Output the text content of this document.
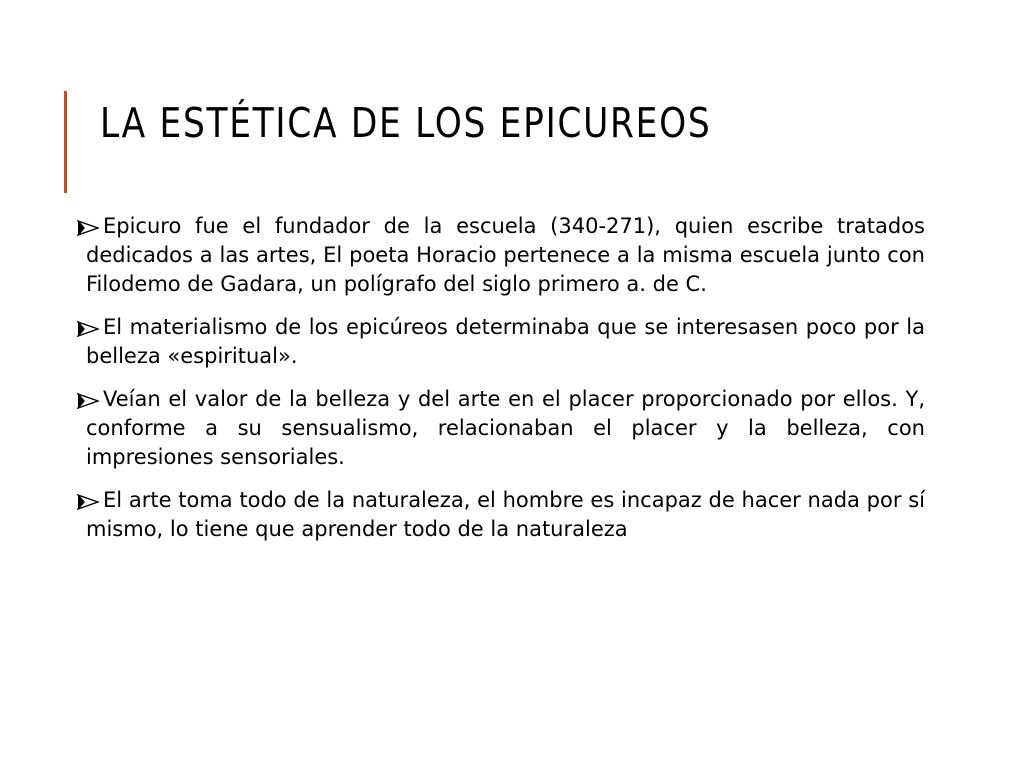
LA ESTÉTICA DE LOS EPICUREOS
Epicuro fue el fundador de la escuela (340-271), quien escribe tratados dedicados a las artes, El poeta Horacio pertenece a la misma escuela junto con Filodemo de Gadara, un polígrafo del siglo primero a. de C.
El materialismo de los epicúreos determinaba que se interesasen poco por la belleza «espiritual».
Veían el valor de la belleza y del arte en el placer proporcionado por ellos. Y, conforme a su sensualismo, relacionaban el placer y la belleza, con impresiones sensoriales.
El arte toma todo de la naturaleza, el hombre es incapaz de hacer nada por sí mismo, lo tiene que aprender todo de la naturaleza
